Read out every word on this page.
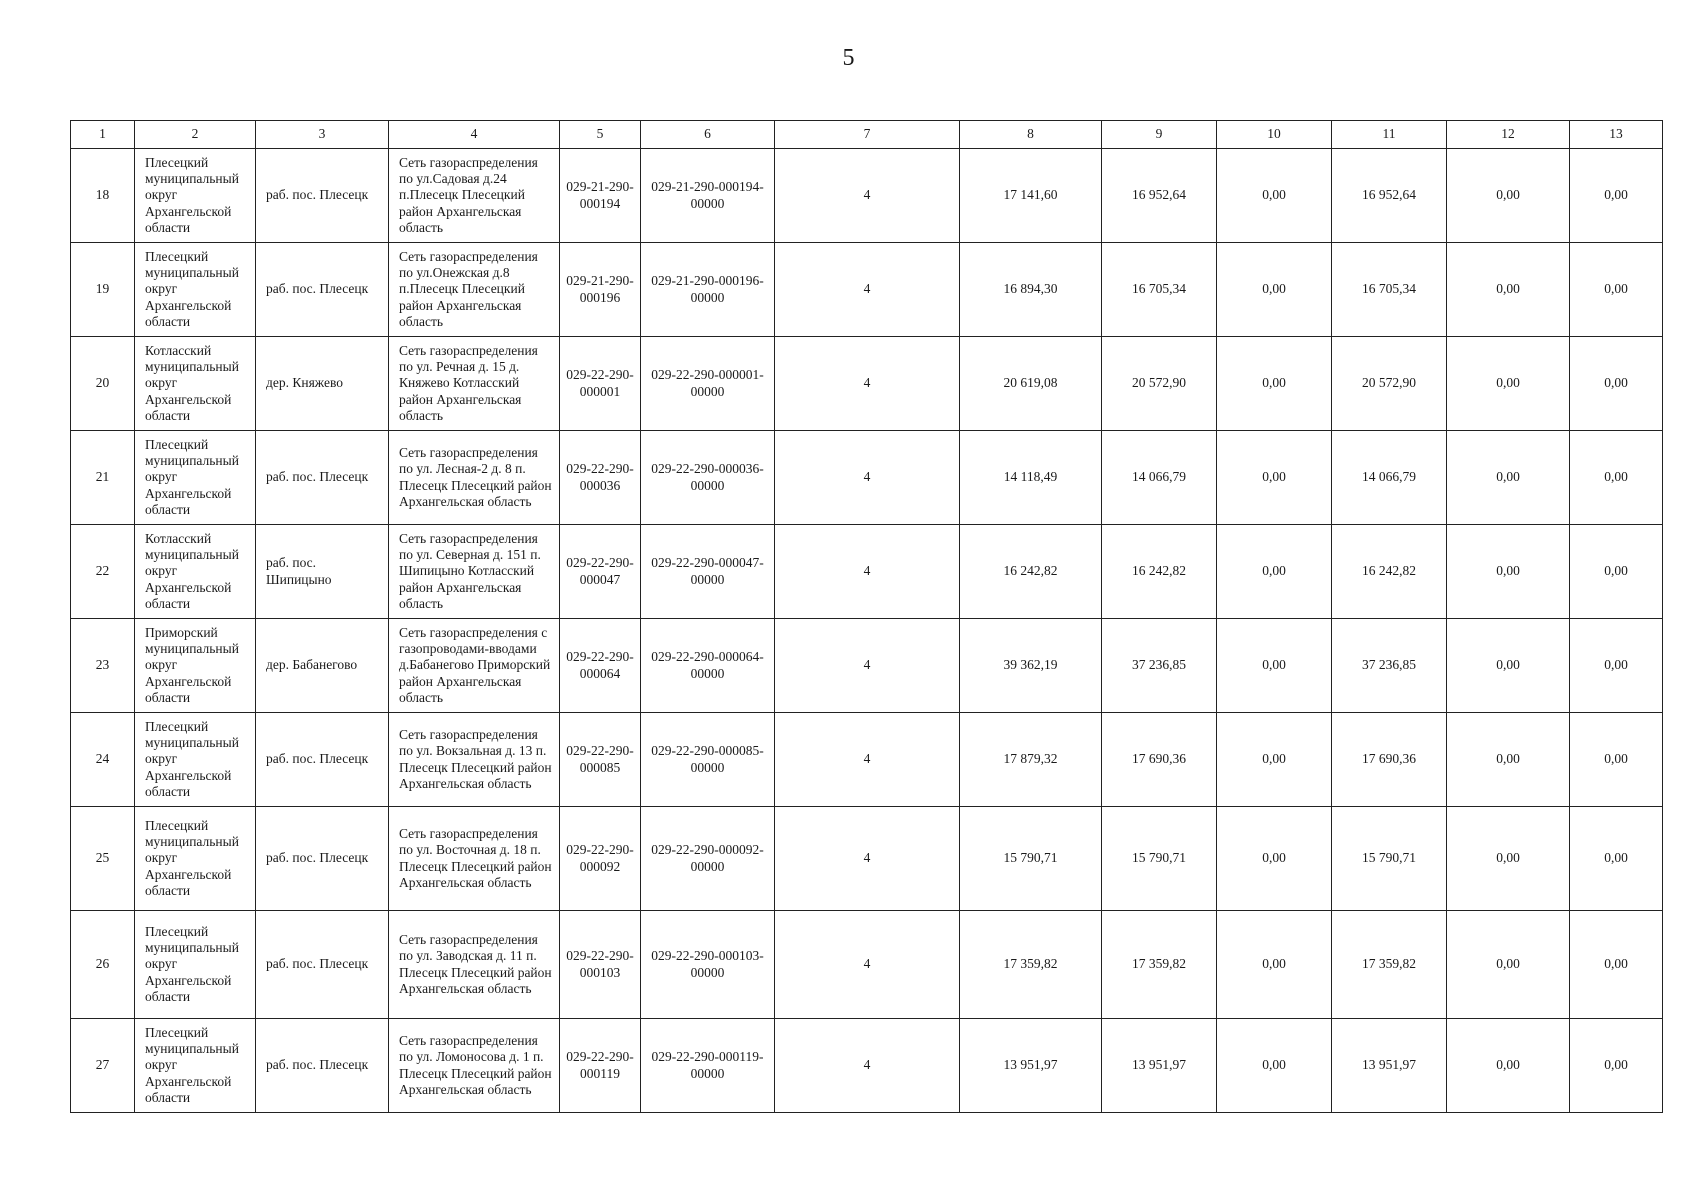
5
1	2	3	4	5	6	7	8	9	10	11	12	13
18	Плесецкий муниципальный округ Архангельской области	раб. пос. Плесецк	Сеть газораспределения по ул.Садовая д.24 п.Плесецк Плесецкий район Архангельская область	029-21-290-000194	029-21-290-000194-00000	4	17 141,60	16 952,64	0,00	16 952,64	0,00	0,00
19	Плесецкий муниципальный округ Архангельской области	раб. пос. Плесецк	Сеть газораспределения по ул.Онежская д.8 п.Плесецк Плесецкий район Архангельская область	029-21-290-000196	029-21-290-000196-00000	4	16 894,30	16 705,34	0,00	16 705,34	0,00	0,00
20	Котласский муниципальный округ Архангельской области	дер. Княжево	Сеть газораспределения по ул. Речная д. 15 д. Княжево Котласский район Архангельская область	029-22-290-000001	029-22-290-000001-00000	4	20 619,08	20 572,90	0,00	20 572,90	0,00	0,00
21	Плесецкий муниципальный округ Архангельской области	раб. пос. Плесецк	Сеть газораспределения по ул. Лесная-2 д. 8 п. Плесецк Плесецкий район Архангельская область	029-22-290-000036	029-22-290-000036-00000	4	14 118,49	14 066,79	0,00	14 066,79	0,00	0,00
22	Котласский муниципальный округ Архангельской области	раб. пос. Шипицыно	Сеть газораспределения по ул. Северная д. 151 п. Шипицыно Котласский район Архангельская область	029-22-290-000047	029-22-290-000047-00000	4	16 242,82	16 242,82	0,00	16 242,82	0,00	0,00
23	Приморский муниципальный округ Архангельской области	дер. Бабанегово	Сеть газораспределения с газопроводами-вводами д.Бабанегово Приморский район Архангельская область	029-22-290-000064	029-22-290-000064-00000	4	39 362,19	37 236,85	0,00	37 236,85	0,00	0,00
24	Плесецкий муниципальный округ Архангельской области	раб. пос. Плесецк	Сеть газораспределения по ул. Вокзальная д. 13 п. Плесецк Плесецкий район Архангельская область	029-22-290-000085	029-22-290-000085-00000	4	17 879,32	17 690,36	0,00	17 690,36	0,00	0,00
25	Плесецкий муниципальный округ Архангельской области	раб. пос. Плесецк	Сеть газораспределения по ул. Восточная д. 18 п. Плесецк Плесецкий район Архангельская область	029-22-290-000092	029-22-290-000092-00000	4	15 790,71	15 790,71	0,00	15 790,71	0,00	0,00
26	Плесецкий муниципальный округ Архангельской области	раб. пос. Плесецк	Сеть газораспределения по ул. Заводская д. 11 п. Плесецк Плесецкий район Архангельская область	029-22-290-000103	029-22-290-000103-00000	4	17 359,82	17 359,82	0,00	17 359,82	0,00	0,00
27	Плесецкий муниципальный округ Архангельской области	раб. пос. Плесецк	Сеть газораспределения по ул. Ломоносова д. 1 п. Плесецк Плесецкий район Архангельская область	029-22-290-000119	029-22-290-000119-00000	4	13 951,97	13 951,97	0,00	13 951,97	0,00	0,00
